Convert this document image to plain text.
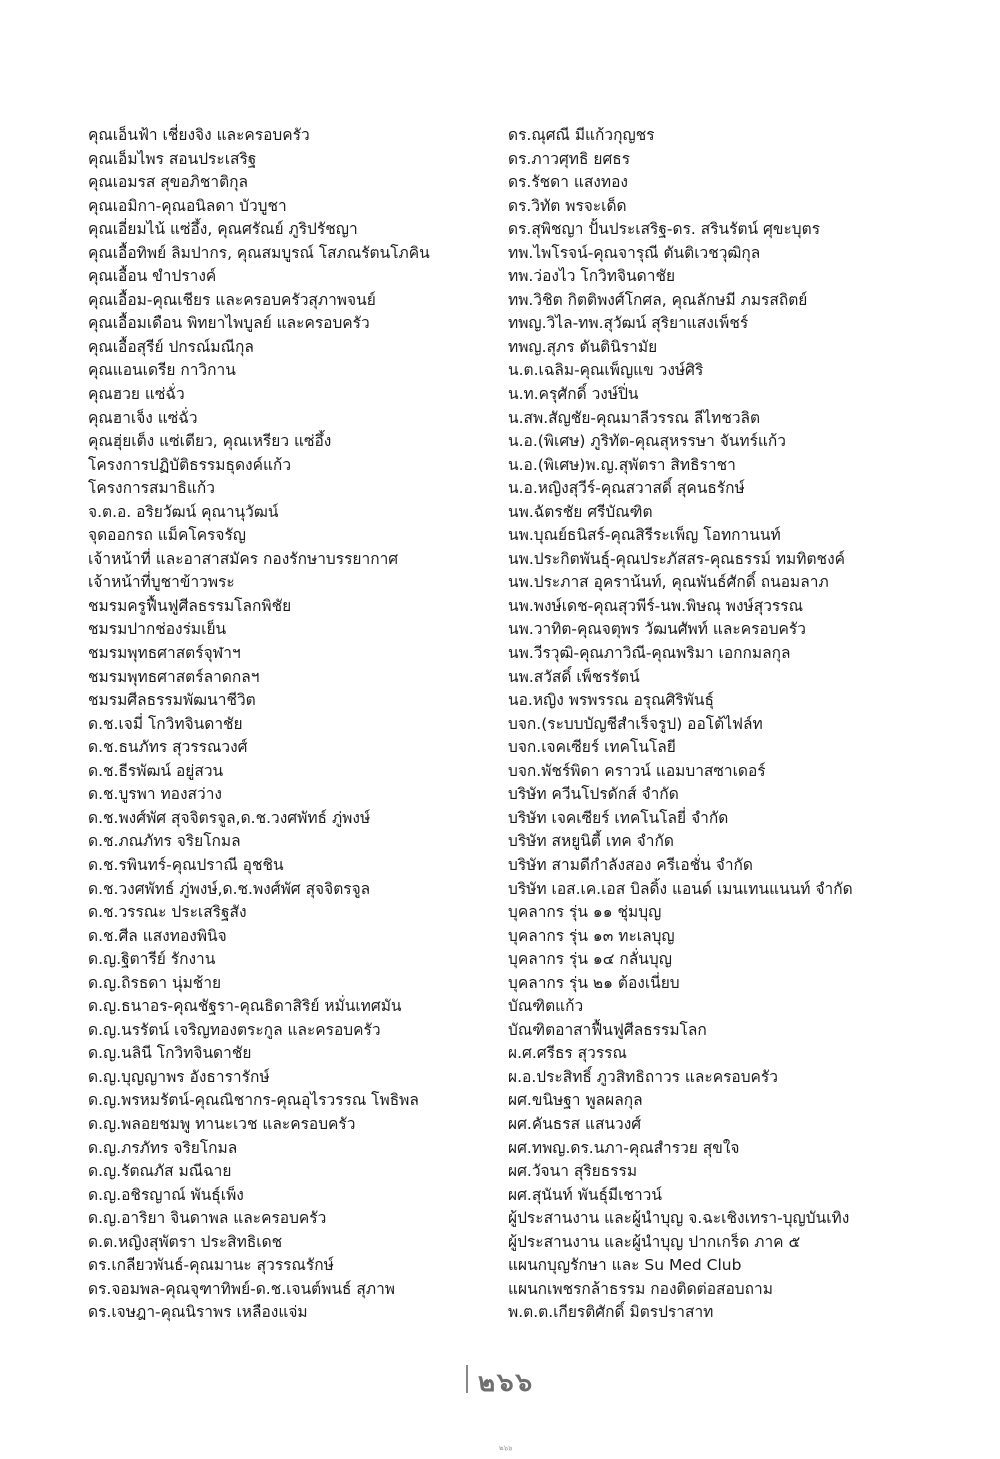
คุณเอ็นฟ้า เชี่ยงจิง และครอบครัว
คุณเอ็มไพร สอนประเสริฐ
คุณเอมรส สุขอภิชาติกุล
คุณเอมิกา-คุณอนิลดา บัวบูชา
คุณเอี่ยมไน้ แซ่อึ้ง, คุณศรัณย์ ภูริปรัชญา
คุณเอื้อทิพย์ ลิมปากร, คุณสมบูรณ์ โสภณรัตนโภคิน
คุณเอื้อน ขำปรางค์
คุณเอื้อม-คุณเชียร และครอบครัวสุภาพจนย์
คุณเอื้อมเดือน พิทยาไพบูลย์ และครอบครัว
คุณเอื้อสุรีย์ ปกรณ์มณีกุล
คุณแอนเดรีย กาวิกาน
คุณฮวย แซ่ฉั่ว
คุณฮาเจ็ง แซ่ฉั่ว
คุณฮุ่ยเต็ง แซ่เตียว, คุณเหรียว แซ่อึ้ง
โครงการปฏิบัติธรรมธุดงค์แก้ว
โครงการสมาธิแก้ว
จ.ต.อ. อริยวัฒน์ คุณานุวัฒน์
จุดออกรถ แม็คโครจรัญ
เจ้าหน้าที่ และอาสาสมัคร กองรักษาบรรยากาศ
เจ้าหน้าที่บูชาข้าวพระ
ชมรมครูฟื้นฟูศีลธรรมโลกพิชัย
ชมรมปากช่องร่มเย็น
ชมรมพุทธศาสตร์จุฬาฯ
ชมรมพุทธศาสตร์ลาดกลฯ
ชมรมศีลธรรมพัฒนาชีวิต
ด.ช.เจมี่ โกวิทจินดาชัย
ด.ช.ธนภัทร สุวรรณวงศ์
ด.ช.ธีรพัฒน์ อยู่สวน
ด.ช.บูรพา ทองสว่าง
ด.ช.พงศ์พัศ สุจจิตรจูล,ด.ช.วงศพัทธ์ ภู่พงษ์
ด.ช.ภณภัทร จริยโกมล
ด.ช.รพินทร์-คุณปราณี อุชชิน
ด.ช.วงศพัทธ์ ภู่พงษ์,ด.ช.พงศ์พัศ สุจจิตรจูล
ด.ช.วรรณะ ประเสริฐสัง
ด.ช.ศีล แสงทองพินิจ
ด.ญ.ฐิตารีย์ รักงาน
ด.ญ.ถิรธดา นุ่มช้าย
ด.ญ.ธนาอร-คุณชัฐรา-คุณธิดาสิริย์ หมั่นเทศมัน
ด.ญ.นรรัตน์ เจริญทองตระกูล และครอบครัว
ด.ญ.นลินี โกวิทจินดาชัย
ด.ญ.บุญญาพร อังธารารักษ์
ด.ญ.พรหมรัตน์-คุณณิชากร-คุณอุไรวรรณ โพธิพล
ด.ญ.พลอยชมพู ทานะเวช และครอบครัว
ด.ญ.ภรภัทร จริยโกมล
ด.ญ.รัตณภัส มณีฉาย
ด.ญ.อชิรญาณ์ พันธุ์เพ็ง
ด.ญ.อาริยา จินดาพล และครอบครัว
ด.ต.หญิงสุพัตรา ประสิทธิเดช
ดร.เกลียวพันธ์-คุณมานะ สุวรรณรักษ์
ดร.จอมพล-คุณจุฑาทิพย์-ด.ช.เจนต์พนธ์ สุภาพ
ดร.เจษฎา-คุณนิราพร เหลืองแจ่ม
ดร.ณุศณี มีแก้วกุญชร
ดร.ภาวศุทธิ ยศธร
ดร.รัชดา แสงทอง
ดร.วิทัต พรจะเด็ด
ดร.สุพิชญา ปั้นประเสริฐ-ดร. สรินรัตน์ ศุขะบุตร
ทพ.ไพโรจน์-คุณจารุณี ตันติเวชวุฒิกุล
ทพ.ว่องไว โกวิทจินดาชัย
ทพ.วิชิต กิตติพงศ์โกศล, คุณลักษมี ภมรสถิตย์
ทพญ.วิไล-ทพ.สุวัฒน์ สุริยาแสงเพ็ชร์
ทพญ.สุภร ตันตินิรามัย
น.ต.เฉลิม-คุณเพ็ญแข วงษ์ศิริ
น.ท.ครุศักดิ์ วงษ์ปิ่น
น.สพ.สัญชัย-คุณมาลีวรรณ ลีไทชวลิต
น.อ.(พิเศษ) ภูริทัต-คุณสุหรรษา จันทร์แก้ว
น.อ.(พิเศษ)พ.ญ.สุพัตรา สิทธิราชา
น.อ.หญิงสุวีร์-คุณสวาสดิ์ สุคนธรักษ์
นพ.ฉัตรชัย ศรีบัณฑิต
นพ.บุณย์ธนิสร์-คุณสิรีระเพ็ญ โอทกานนท์
นพ.ประกิตพันธุ์-คุณประภัสสร-คุณธรรม์ ทมทิตชงค์
นพ.ประภาส อุคราน้นท์, คุณพันธ์ศักดิ์ ถนอมลาภ
นพ.พงษ์เดช-คุณสุวพีร์-นพ.พิษณุ พงษ์สุวรรณ
นพ.วาทิต-คุณจตุพร วัฒนศัพท์ และครอบครัว
นพ.วีรวุฒิ-คุณภาวิณี-คุณพริมา เอกกมลกุล
นพ.สวัสดิ์ เพ็ชรรัตน์
นอ.หญิง พรพรรณ อรุณศิริพันธุ์
บจก.(ระบบบัญชีสำเร็จรูป) ออโต้ไฟล์ท
บจก.เจคเซียร์ เทคโนโลยี
บจก.พัชร์พิดา คราวน์ แอมบาสซาเดอร์
บริษัท ควีนโปรดักส์ จำกัด
บริษัท เจคเซียร์ เทคโนโลยี่ จำกัด
บริษัท สหยูนิตี้ เทค จำกัด
บริษัท สามดีกำลังสอง ครีเอชั่น จำกัด
บริษัท เอส.เค.เอส บิลดิ้ง แอนด์ เมนเทนแนนท์ จำกัด
บุคลากร รุ่น ๑๑ ชุ่มบุญ
บุคลากร รุ่น ๑๓ ทะเลบุญ
บุคลากร รุ่น ๑๔ กลั่นบุญ
บุคลากร รุ่น ๒๑ ต้องเนี่ยบ
บัณฑิตแก้ว
บัณฑิตอาสาฟื้นฟูศีลธรรมโลก
ผ.ศ.ศรีธร สุวรรณ
ผ.อ.ประสิทธิ์ ภูวสิทธิถาวร และครอบครัว
ผศ.ขนิษฐา พูลผลกุล
ผศ.คันธรส แสนวงศ์
ผศ.ทพญ.ดร.นภา-คุณสำรวย สุขใจ
ผศ.วัจนา สุริยธรรม
ผศ.สุนันท์ พันธุ์มีเชาวน์
ผู้ประสานงาน และผู้นำบุญ จ.ฉะเชิงเทรา-บุญบันเทิง
ผู้ประสานงาน และผู้นำบุญ ปากเกร็ด ภาค ๕
แผนกบุญรักษา และ Su Med Club
แผนกเพชรกล้าธรรม กองติดต่อสอบถาม
พ.ต.ต.เกียรติศักดิ์ มิตรปราสาท
๒๖๖
๒๖๖
